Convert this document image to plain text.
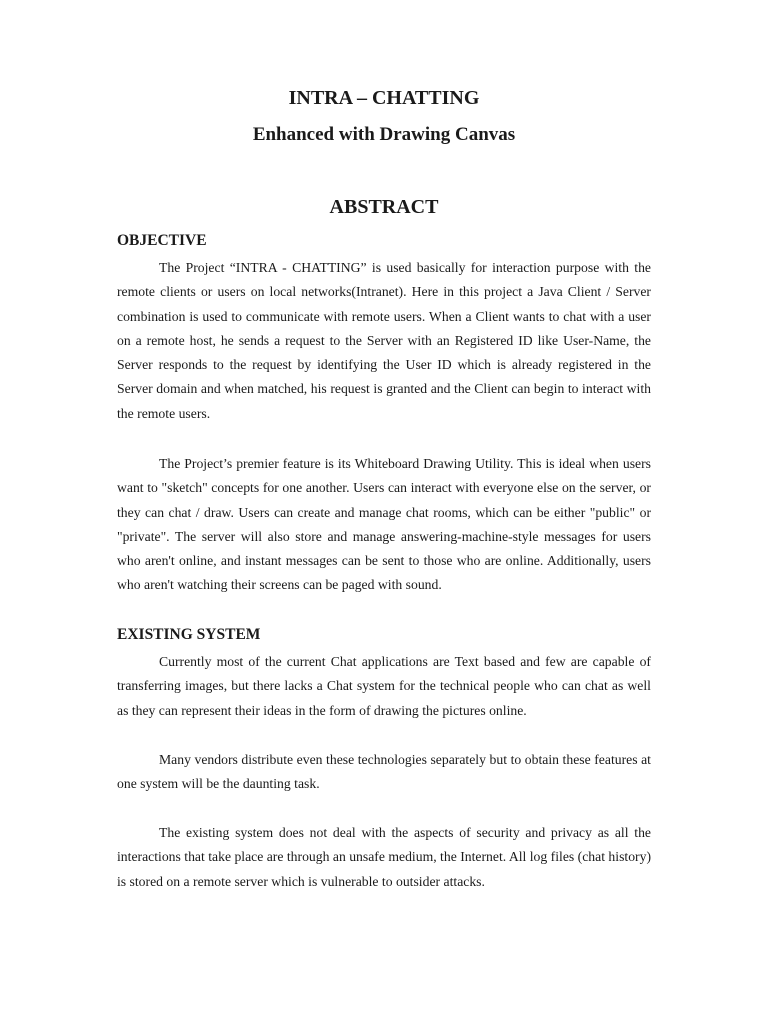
INTRA – CHATTING
Enhanced with Drawing Canvas
ABSTRACT
OBJECTIVE

The Project “INTRA - CHATTING” is used basically for interaction purpose with the remote clients or users on local networks(Intranet). Here in this project a Java Client / Server combination is used to communicate with remote users. When a Client wants to chat with a user on a remote host, he sends a request to the Server with an Registered ID like User-Name, the Server responds to the request by identifying the User ID which is already registered in the Server domain and when matched, his request is granted and the Client can begin to interact with the remote users.

The Project’s premier feature is its Whiteboard Drawing Utility. This is ideal when users want to "sketch" concepts for one another. Users can interact with everyone else on the server, or they can chat / draw. Users can create and manage chat rooms, which can be either "public" or "private". The server will also store and manage answering-machine-style messages for users who aren't online, and instant messages can be sent to those who are online. Additionally, users who aren't watching their screens can be paged with sound.

EXISTING SYSTEM

Currently most of the current Chat applications are Text based and few are capable of transferring images, but there lacks a Chat system for the technical people who can chat as well as they can represent their ideas in the form of drawing the pictures online.

Many vendors distribute even these technologies separately but to obtain these features at one system will be the daunting task.

The existing system does not deal with the aspects of security and privacy as all the interactions that take place are through an unsafe medium, the Internet. All log files (chat history) is stored on a remote server which is vulnerable to outsider attacks.
